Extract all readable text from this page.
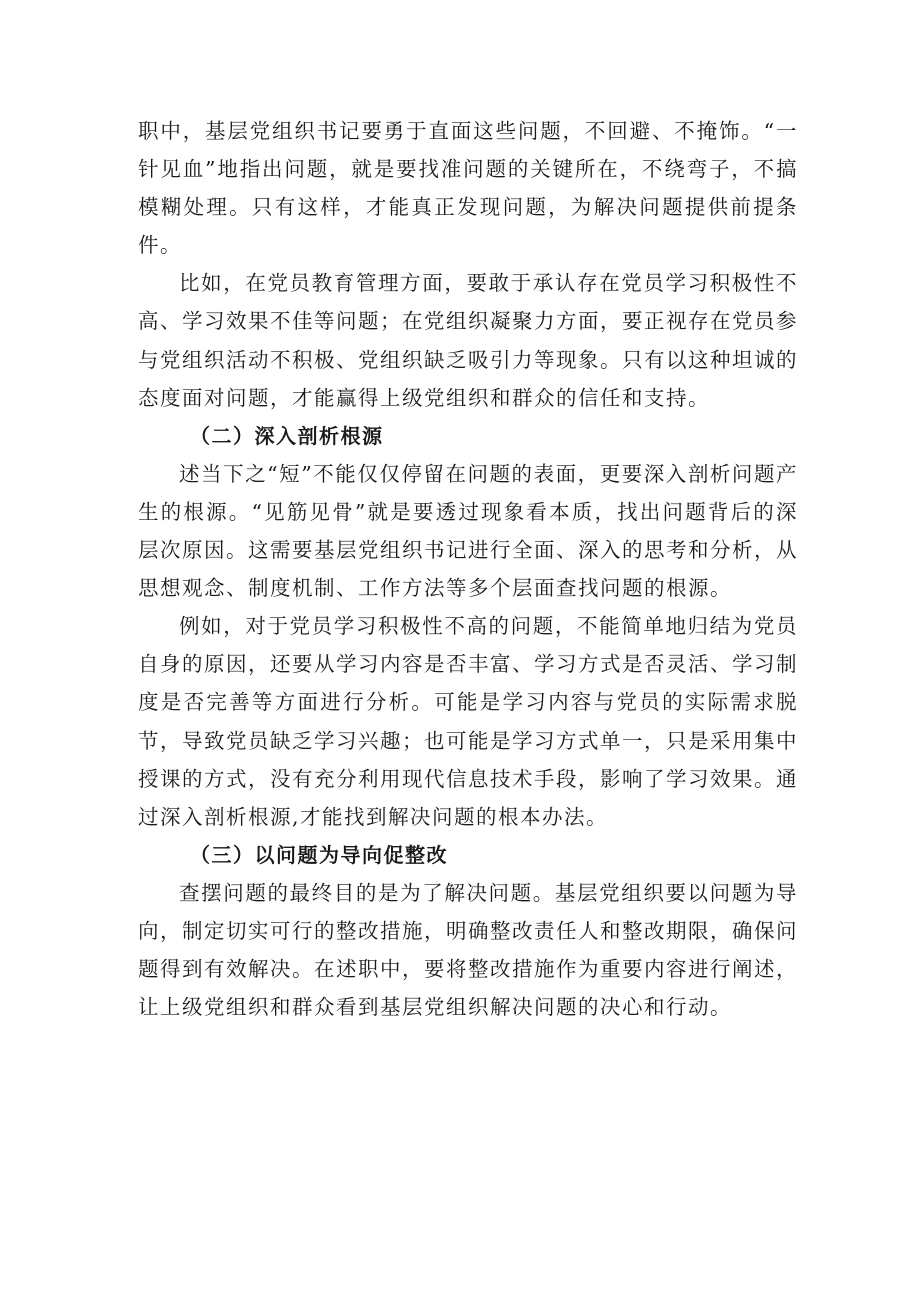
职中，基层党组织书记要勇于直面这些问题，不回避、不掩饰。“一针见血”地指出问题，就是要找准问题的关键所在，不绕弯子，不搞模糊处理。只有这样，才能真正发现问题，为解决问题提供前提条件。

比如，在党员教育管理方面，要敢于承认存在党员学习积极性不高、学习效果不佳等问题；在党组织凝聚力方面，要正视存在党员参与党组织活动不积极、党组织缺乏吸引力等现象。只有以这种坦诚的态度面对问题，才能赢得上级党组织和群众的信任和支持。

（二）深入剖析根源

述当下之“短”不能仅仅停留在问题的表面，更要深入剖析问题产生的根源。“见筋见骨”就是要透过现象看本质，找出问题背后的深层次原因。这需要基层党组织书记进行全面、深入的思考和分析，从思想观念、制度机制、工作方法等多个层面查找问题的根源。

例如，对于党员学习积极性不高的问题，不能简单地归结为党员自身的原因，还要从学习内容是否丰富、学习方式是否灵活、学习制度是否完善等方面进行分析。可能是学习内容与党员的实际需求脱节，导致党员缺乏学习兴趣；也可能是学习方式单一，只是采用集中授课的方式，没有充分利用现代信息技术手段，影响了学习效果。通过深入剖析根源,才能找到解决问题的根本办法。

（三）以问题为导向促整改

查摆问题的最终目的是为了解决问题。基层党组织要以问题为导向，制定切实可行的整改措施，明确整改责任人和整改期限，确保问题得到有效解决。在述职中，要将整改措施作为重要内容进行阐述，让上级党组织和群众看到基层党组织解决问题的决心和行动。
